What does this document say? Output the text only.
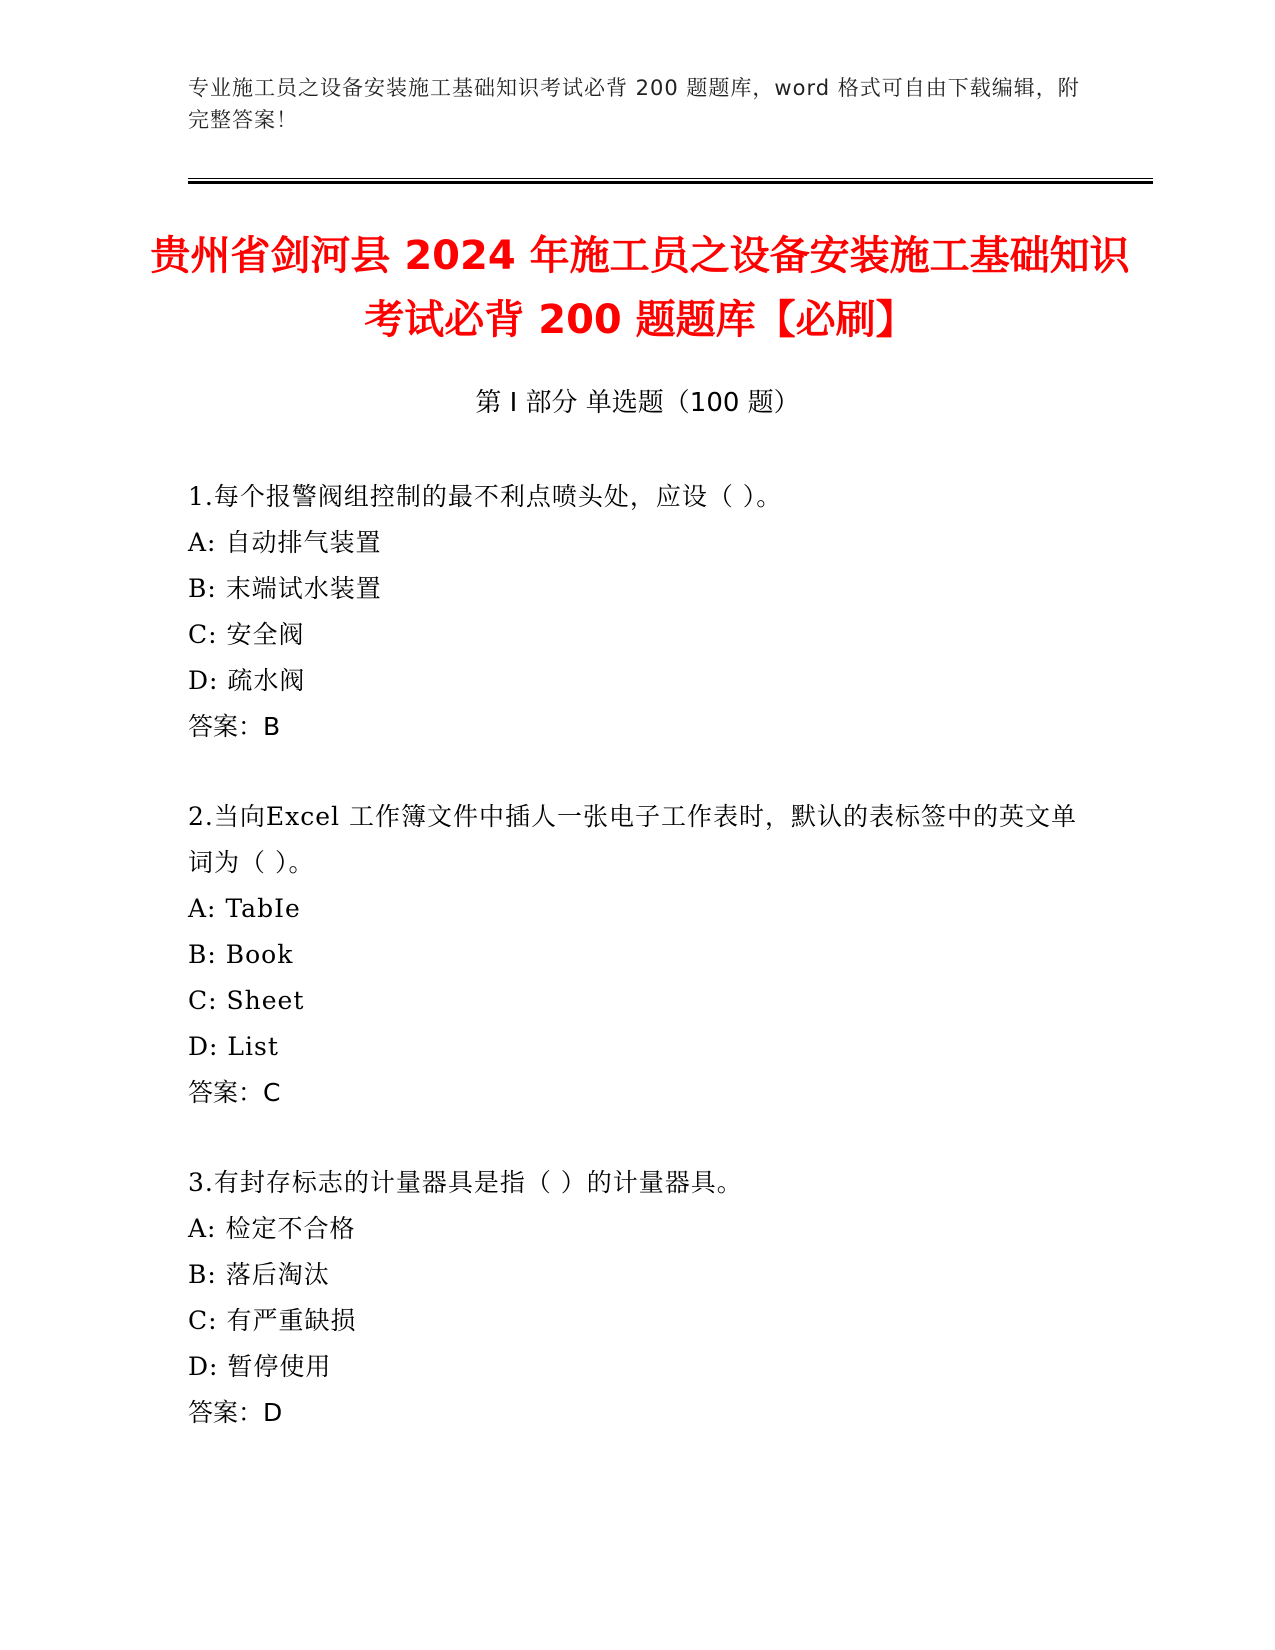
专业施工员之设备安装施工基础知识考试必背 200 题题库，word 格式可自由下载编辑，附完整答案！
贵州省剑河县 2024 年施工员之设备安装施工基础知识考试必背 200 题题库【必刷】
第 I 部分 单选题（100 题）
1.每个报警阀组控制的最不利点喷头处，应设（ ）。
A: 自动排气装置
B: 末端试水装置
C: 安全阀
D: 疏水阀
答案：B
2.当向Excel 工作簿文件中插人一张电子工作表时，默认的表标签中的英文单词为（ ）。
A: TabIe
B: Book
C: Sheet
D: List
答案：C
3.有封存标志的计量器具是指（ ）的计量器具。
A: 检定不合格
B: 落后淘汰
C: 有严重缺损
D: 暂停使用
答案：D
